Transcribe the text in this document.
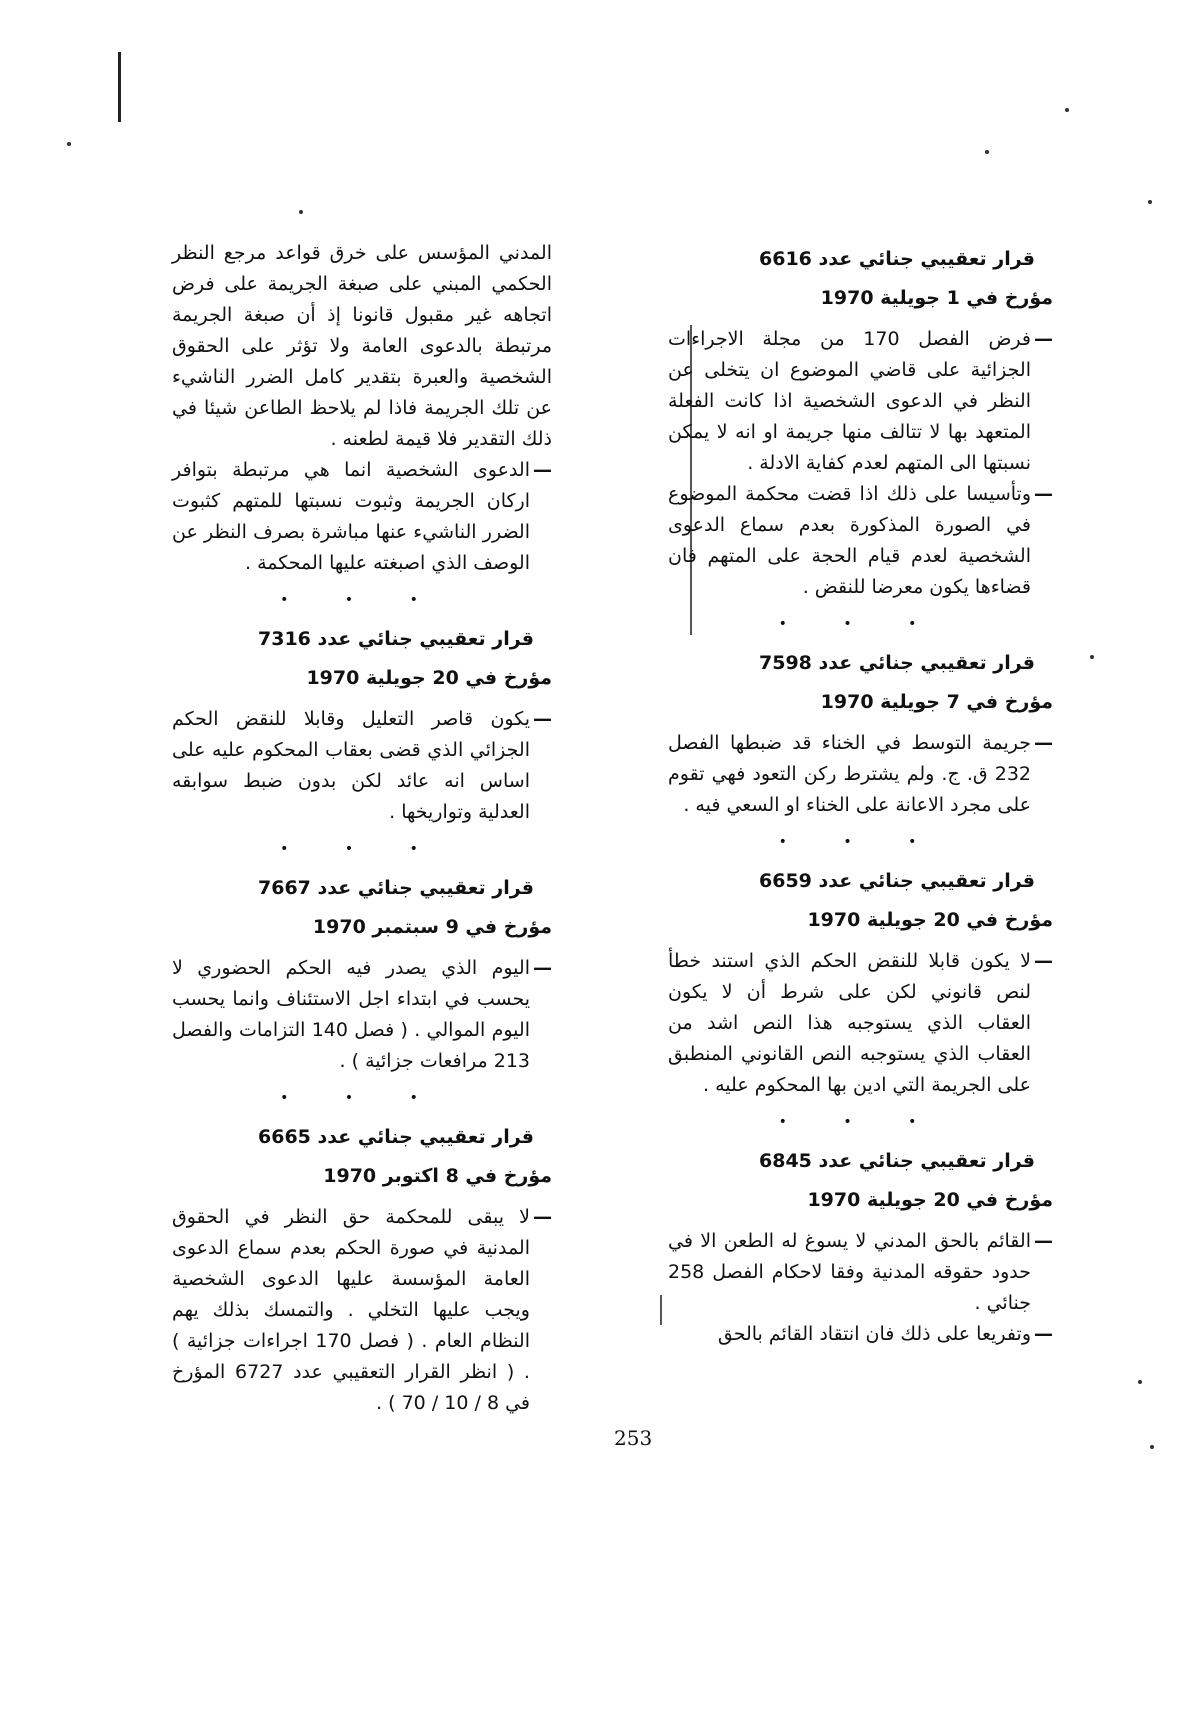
قرار تعقيبي جنائي عدد 6616

مؤرخ في 1 جويلية 1970

—
فرض الفصل 170 من مجلة الاجراءات الجزائية على قاضي الموضوع ان يتخلى عن النظر في الدعوى الشخصية اذا كانت الفعلة المتعهد بها لا تتالف منها جريمة او انه لا يمكن نسبتها الى المتهم لعدم كفاية الادلة .

—
وتأسيسا على ذلك اذا قضت محكمة الموضوع في الصورة المذكورة بعدم سماع الدعوى الشخصية لعدم قيام الحجة على المتهم فان قضاءها يكون معرضا للنقض .

• • •

قرار تعقيبي جنائي عدد 7598

مؤرخ في 7 جويلية 1970

—
جريمة التوسط في الخناء قد ضبطها الفصل 232 ق. ج. ولم يشترط ركن التعود فهي تقوم على مجرد الاعانة على الخناء او السعي فيه .

• • •

قرار تعقيبي جنائي عدد 6659

مؤرخ في 20 جويلية 1970

—
لا يكون قابلا للنقض الحكم الذي استند خطأ لنص قانوني لكن على شرط أن لا يكون العقاب الذي يستوجبه هذا النص اشد من العقاب الذي يستوجبه النص القانوني المنطبق على الجريمة التي ادين بها المحكوم عليه .

• • •

قرار تعقيبي جنائي عدد 6845

مؤرخ في 20 جويلية 1970

—
القائم بالحق المدني لا يسوغ له الطعن الا في حدود حقوقه المدنية وفقا لاحكام الفصل 258 جنائي .

—
وتفريعا على ذلك فان انتقاد القائم بالحق

المدني المؤسس على خرق قواعد مرجع النظر الحكمي المبني على صبغة الجريمة على فرض اتجاهه غير مقبول قانونا إذ أن صبغة الجريمة مرتبطة بالدعوى العامة ولا تؤثر على الحقوق الشخصية والعبرة بتقدير كامل الضرر الناشيء عن تلك الجريمة فاذا لم يلاحظ الطاعن شيئا في ذلك التقدير فلا قيمة لطعنه .

—
الدعوى الشخصية انما هي مرتبطة بتوافر اركان الجريمة وثبوت نسبتها للمتهم كثبوت الضرر الناشيء عنها مباشرة بصرف النظر عن الوصف الذي اصبغته عليها المحكمة .

• • •

قرار تعقيبي جنائي عدد 7316

مؤرخ في 20 جويلية 1970

—
يكون قاصر التعليل وقابلا للنقض الحكم الجزائي الذي قضى بعقاب المحكوم عليه على اساس انه عائد لكن بدون ضبط سوابقه العدلية وتواريخها .

• • •

قرار تعقيبي جنائي عدد 7667

مؤرخ في 9 سبتمبر 1970

—
اليوم الذي يصدر فيه الحكم الحضوري لا يحسب في ابتداء اجل الاستئناف وانما يحسب اليوم الموالي . ( فصل 140 التزامات والفصل 213 مرافعات جزائية ) .

• • •

قرار تعقيبي جنائي عدد 6665

مؤرخ في 8 اكتوبر 1970

—
لا يبقى للمحكمة حق النظر في الحقوق المدنية في صورة الحكم بعدم سماع الدعوى العامة المؤسسة عليها الدعوى الشخصية ويجب عليها التخلي . والتمسك بذلك يهم النظام العام . ( فصل 170 اجراءات جزائية ) . ( انظر القرار التعقيبي عدد 6727 المؤرخ في 8 / 10 / 70 ) .

253
